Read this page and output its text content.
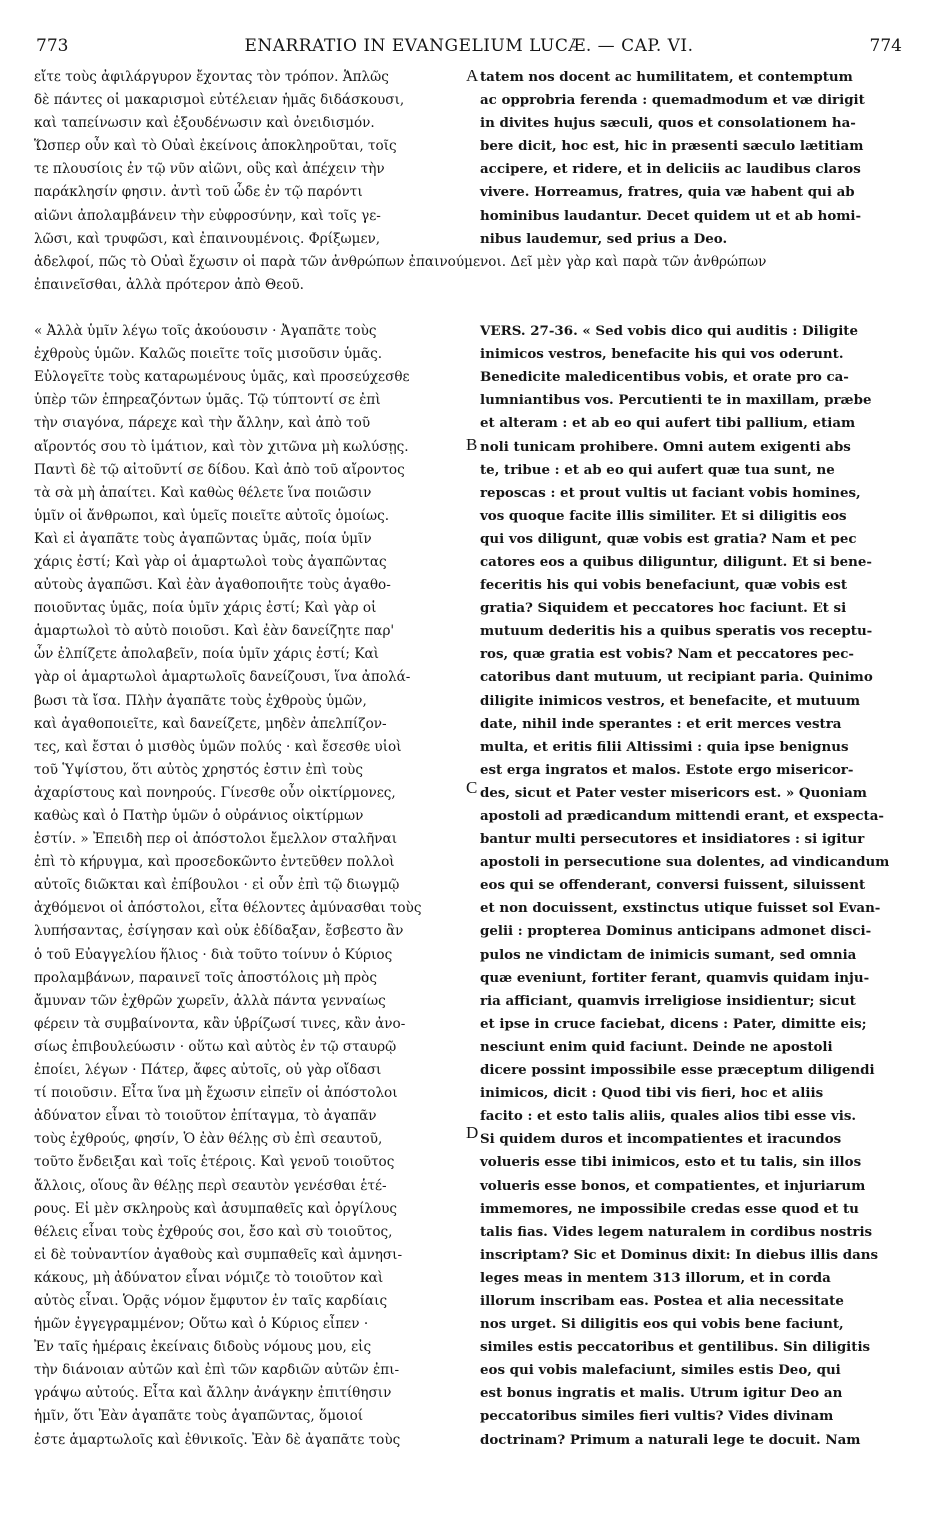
773	ENARRATIO IN EVANGELIUM LUCÆ. — CAP. VI.	774
εἴτε τοὺς ἀφιλάργυρον ἔχοντας τὸν τρόπον. Ἁπλῶς
δὲ πάντες οἱ μακαρισμοὶ εὐτέλειαν ἡμᾶς διδάσκουσι,
καὶ ταπείνωσιν καὶ ἐξουδένωσιν καὶ ὀνειδισμόν.
Ὥσπερ οὖν καὶ τὸ Οὐαὶ ἐκείνοις ἀποκληροῦται, τοῖς
τε πλουσίοις ἐν τῷ νῦν αἰῶνι, οὓς καὶ ἀπέχειν τὴν
παράκλησίν φησιν. ἀντὶ τοῦ ὧδε ἐν τῷ παρόντι
αἰῶνι ἀπολαμβάνειν τὴν εὐφροσύνην, καὶ τοῖς γε-
λῶσι, καὶ τρυφῶσι, καὶ ἐπαινουμένοις. Φρίξωμεν,
ἀδελφοί, πῶς τὸ Οὐαὶ ἔχωσιν οἱ παρὰ τῶν ἀνθρώπων ἐπαινούμενοι. Δεῖ μὲν γὰρ καὶ παρὰ τῶν ἀνθρώπων
ἐπαινεῖσθαι, ἀλλὰ πρότερον ἀπὸ Θεοῦ.
« Ἀλλὰ ὑμῖν λέγω τοῖς ἀκούουσιν · Ἀγαπᾶτε τοὺς
ἐχθροὺς ὑμῶν. Καλῶς ποιεῖτε τοῖς μισοῦσιν ὑμᾶς.
Εὐλογεῖτε τοὺς καταρωμένους ὑμᾶς, καὶ προσεύχεσθε
ὑπὲρ τῶν ἐπηρεαζόντων ὑμᾶς. Τῷ τύπτοντί σε ἐπὶ
τὴν σιαγόνα, πάρεχε καὶ τὴν ἄλλην, καὶ ἀπὸ τοῦ
αἴροντός σου τὸ ἱμάτιον, καὶ τὸν χιτῶνα μὴ κωλύσῃς.
Παντὶ δὲ τῷ αἰτοῦντί σε δίδου. Καὶ ἀπὸ τοῦ αἴροντος
τὰ σὰ μὴ ἀπαίτει. Καὶ καθὼς θέλετε ἵνα ποιῶσιν
ὑμῖν οἱ ἄνθρωποι, καὶ ὑμεῖς ποιεῖτε αὐτοῖς ὁμοίως.
Καὶ εἰ ἀγαπᾶτε τοὺς ἀγαπῶντας ὑμᾶς, ποία ὑμῖν
χάρις ἐστί; Καὶ γὰρ οἱ ἁμαρτωλοὶ τοὺς ἀγαπῶντας
αὐτοὺς ἀγαπῶσι. Καὶ ἐὰν ἀγαθοποιῆτε τοὺς ἀγαθο-
ποιοῦντας ὑμᾶς, ποία ὑμῖν χάρις ἐστί; Καὶ γὰρ οἱ
ἁμαρτωλοὶ τὸ αὐτὸ ποιοῦσι. Καὶ ἐὰν δανείζητε παρ'
ὧν ἐλπίζετε ἀπολαβεῖν, ποία ὑμῖν χάρις ἐστί; Καὶ
γὰρ οἱ ἁμαρτωλοὶ ἁμαρτωλοῖς δανείζουσι, ἵνα ἀπολά-
βωσι τὰ ἴσα. Πλὴν ἀγαπᾶτε τοὺς ἐχθροὺς ὑμῶν,
καὶ ἀγαθοποιεῖτε, καὶ δανείζετε, μηδὲν ἀπελπίζον-
τες, καὶ ἔσται ὁ μισθὸς ὑμῶν πολύς · καὶ ἔσεσθε υἱοὶ
τοῦ Ὑψίστου, ὅτι αὐτὸς χρηστός ἐστιν ἐπὶ τοὺς
ἀχαρίστους καὶ πονηρούς. Γίνεσθε οὖν οἰκτίρμονες,
καθὼς καὶ ὁ Πατὴρ ὑμῶν ὁ οὐράνιος οἰκτίρμων
ἐστίν. » Ἐπειδὴ περ οἱ ἀπόστολοι ἔμελλον σταλῆναι
ἐπὶ τὸ κήρυγμα, καὶ προσεδοκῶντο ἐντεῦθεν πολλοὶ
αὐτοῖς διῶκται καὶ ἐπίβουλοι · εἰ οὖν ἐπὶ τῷ διωγμῷ
ἀχθόμενοι οἱ ἀπόστολοι, εἶτα θέλοντες ἀμύνασθαι τοὺς
λυπήσαντας, ἐσίγησαν καὶ οὐκ ἐδίδαξαν, ἔσβεστο ἂν
ὁ τοῦ Εὐαγγελίου ἥλιος · διὰ τοῦτο τοίνυν ὁ Κύριος
προλαμβάνων, παραινεῖ τοῖς ἀποστόλοις μὴ πρὸς
ἄμυναν τῶν ἐχθρῶν χωρεῖν, ἀλλὰ πάντα γενναίως
φέρειν τὰ συμβαίνοντα, κἂν ὑβρίζωσί τινες, κἂν ἀνο-
σίως ἐπιβουλεύωσιν · οὕτω καὶ αὐτὸς ἐν τῷ σταυρῷ
ἐποίει, λέγων · Πάτερ, ἄφες αὐτοῖς, οὐ γὰρ οἴδασι
τί ποιοῦσιν. Εἶτα ἵνα μὴ ἔχωσιν εἰπεῖν οἱ ἀπόστολοι
ἀδύνατον εἶναι τὸ τοιοῦτον ἐπίταγμα, τὸ ἀγαπᾶν
τοὺς ἐχθρούς, φησίν, Ὁ ἐὰν θέλῃς σὺ ἐπὶ σεαυτοῦ,
τοῦτο ἔνδειξαι καὶ τοῖς ἑτέροις. Καὶ γενοῦ τοιοῦτος
ἄλλοις, οἵους ἂν θέλῃς περὶ σεαυτὸν γενέσθαι ἑτέ-
ρους. Εἰ μὲν σκληροὺς καὶ ἀσυμπαθεῖς καὶ ὀργίλους
θέλεις εἶναι τοὺς ἐχθρούς σοι, ἔσο καὶ σὺ τοιοῦτος,
εἰ δὲ τοὐναντίον ἀγαθοὺς καὶ συμπαθεῖς καὶ ἀμνησι-
κάκους, μὴ ἀδύνατον εἶναι νόμιζε τὸ τοιοῦτον καὶ
αὐτὸς εἶναι. Ὁρᾷς νόμον ἔμφυτον ἐν ταῖς καρδίαις
ἡμῶν ἐγγεγραμμένον; Οὕτω καὶ ὁ Κύριος εἶπεν ·
Ἐν ταῖς ἡμέραις ἐκείναις διδοὺς νόμους μου, εἰς
τὴν διάνοιαν αὐτῶν καὶ ἐπὶ τῶν καρδιῶν αὐτῶν ἐπι-
γράψω αὐτούς. Εἶτα καὶ ἄλλην ἀνάγκην ἐπιτίθησιν
ἡμῖν, ὅτι Ἐὰν ἀγαπᾶτε τοὺς ἀγαπῶντας, ὅμοιοί
ἐστε ἁμαρτωλοῖς καὶ ἐθνικοῖς. Ἐὰν δὲ ἀγαπᾶτε τοὺς
tatem nos docent ac humilitatem, et contemptum
ac opprobria ferenda : quemadmodum et væ dirigit
in divites hujus sæculi, quos et consolationem ha-
bere dicit, hoc est, hic in præsenti sæculo lætitiam
accipere, et ridere, et in deliciis ac laudibus claros
vivere. Horreamus, fratres, quia væ habent qui ab
hominibus laudantur. Decet quidem ut et ab homi-
nibus laudemur, sed prius a Deo.
VERS. 27-36. « Sed vobis dico qui auditis : Diligite
inimicos vestros, benefacite his qui vos oderunt.
Benedicite maledicentibus vobis, et orate pro ca-
lumniantibus vos. Percutienti te in maxillam, præbe
et alteram : et ab eo qui aufert tibi pallium, etiam
noli tunicam prohibere. Omni autem exigenti abs
te, tribue : et ab eo qui aufert quæ tua sunt, ne
reposcas : et prout vultis ut faciant vobis homines,
vos quoque facite illis similiter. Et si diligitis eos
qui vos diligunt, quæ vobis est gratia? Nam et pec
catores eos a quibus diliguntur, diligunt. Et si bene-
feceritis his qui vobis benefaciunt, quæ vobis est
gratia? Siquidem et peccatores hoc faciunt. Et si
mutuum dederitis his a quibus speratis vos receptu-
ros, quæ gratia est vobis? Nam et peccatores pec-
catoribus dant mutuum, ut recipiant paria. Quinimo
diligite inimicos vestros, et benefacite, et mutuum
date, nihil inde sperantes : et erit merces vestra
multa, et eritis filii Altissimi : quia ipse benignus
est erga ingratos et malos. Estote ergo misericor-
des, sicut et Pater vester misericors est. » Quoniam
apostoli ad prædicandum mittendi erant, et exspecta-
bantur multi persecutores et insidiatores : si igitur
apostoli in persecutione sua dolentes, ad vindicandum
eos qui se offenderant, conversi fuissent, siluissent
et non docuissent, exstinctus utique fuisset sol Evan-
gelii : propterea Dominus anticipans admonet disci-
pulos ne vindictam de inimicis sumant, sed omnia
quæ eveniunt, fortiter ferant, quamvis quidam inju-
ria afficiant, quamvis irreligiose insidientur; sicut
et ipse in cruce faciebat, dicens : Pater, dimitte eis;
nesciunt enim quid faciunt. Deinde ne apostoli
dicere possint impossibile esse præceptum diligendi
inimicos, dicit : Quod tibi vis fieri, hoc et aliis
facito : et esto talis aliis, quales alios tibi esse vis.
Si quidem duros et incompatientes et iracundos
volueris esse tibi inimicos, esto et tu talis, sin illos
volueris esse bonos, et compatientes, et injuriarum
immemores, ne impossibile credas esse quod et tu
talis fias. Vides legem naturalem in cordibus nostris
inscriptam? Sic et Dominus dixit: In diebus illis dans
leges meas in mentem 313 illorum, et in corda
illorum inscribam eas. Postea et alia necessitate
nos urget. Si diligitis eos qui vobis bene faciunt,
similes estis peccatoribus et gentilibus. Sin diligitis
eos qui vobis malefaciunt, similes estis Deo, qui
est bonus ingratis et malis. Utrum igitur Deo an
peccatoribus similes fieri vultis? Vides divinam
doctrinam? Primum a naturali lege te docuit. Nam
A
B
C
D
